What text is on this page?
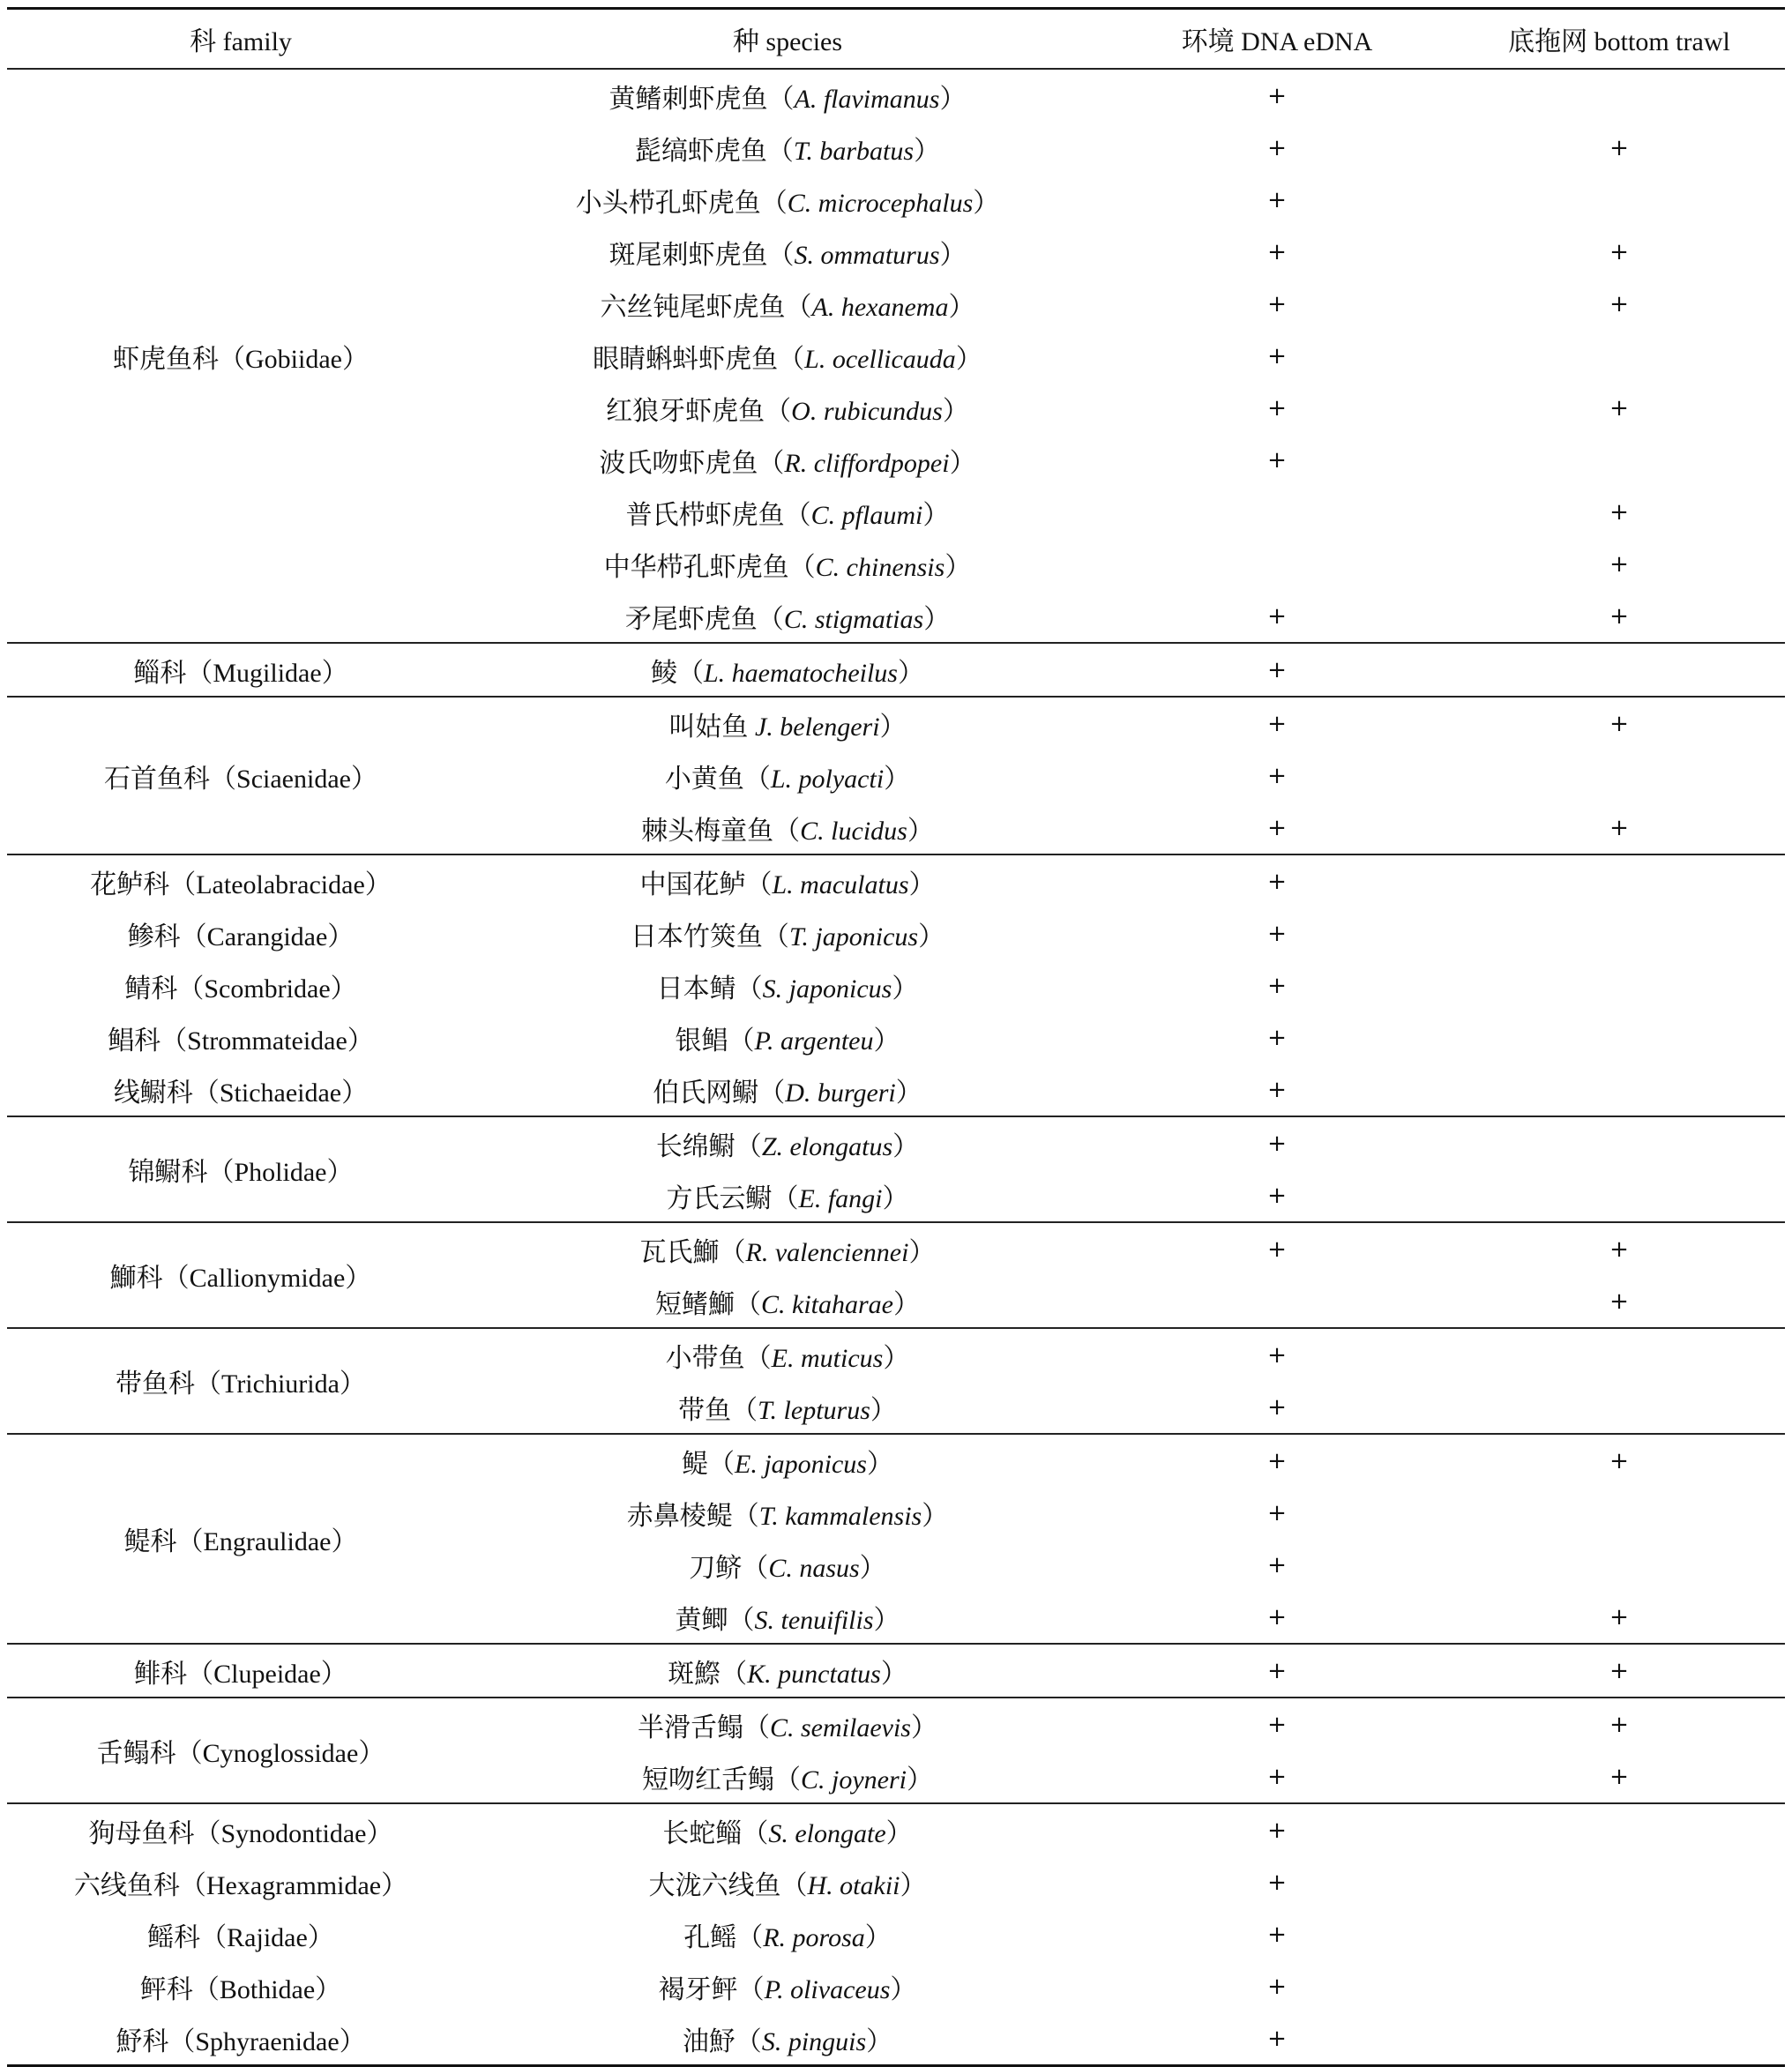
科 family	种 species	环境 DNA eDNA	底拖网 bottom trawl
虾虎鱼科（Gobiidae）	黄鳍刺虾虎鱼（A. flavimanus）	+	
	髭缟虾虎鱼（T. barbatus）	+	+
	小头栉孔虾虎鱼（C. microcephalus）	+	
	斑尾刺虾虎鱼（S. ommaturus）	+	+
	六丝钝尾虾虎鱼（A. hexanema）	+	+
	眼睛蝌蚪虾虎鱼（L. ocellicauda）	+	
	红狼牙虾虎鱼（O. rubicundus）	+	+
	波氏吻虾虎鱼（R. cliffordpopei）	+	
	普氏栉虾虎鱼（C. pflaumi）		+
	中华栉孔虾虎鱼（C. chinensis）		+
	矛尾虾虎鱼（C. stigmatias）	+	+
鲻科（Mugilidae）	鲮（L. haematocheilus）	+	
石首鱼科（Sciaenidae）	叫姑鱼 J. belengeri）	+	+
	小黄鱼（L. polyacti）	+	
	棘头梅童鱼（C. lucidus）	+	+
花鲈科（Lateolabracidae）	中国花鲈（L. maculatus）	+	
鲹科（Carangidae）	日本竹筴鱼（T. japonicus）	+	
鲭科（Scombridae）	日本鲭（S. japonicus）	+	
鲳科（Strommateidae）	银鲳（P. argenteu）	+	
线鳚科（Stichaeidae）	伯氏网鳚（D. burgeri）	+	
锦鳚科（Pholidae）	长绵鳚（Z. elongatus）	+	
	方氏云鳚（E. fangi）	+	
鰤科（Callionymidae）	瓦氏鰤（R. valenciennei）	+	+
	短鳍鰤（C. kitaharae）		+
带鱼科（Trichiurida）	小带鱼（E. muticus）	+	
	带鱼（T. lepturus）	+	
鳀科（Engraulidae）	鳀（E. japonicus）	+	+
	赤鼻棱鳀（T. kammalensis）	+	
	刀鲚（C. nasus）	+	
	黄鲫（S. tenuifilis）	+	+
鲱科（Clupeidae）	斑鰶（K. punctatus）	+	+
舌鳎科（Cynoglossidae）	半滑舌鳎（C. semilaevis）	+	+
	短吻红舌鳎（C. joyneri）	+	+
狗母鱼科（Synodontidae）	长蛇鲻（S. elongate）	+	
六线鱼科（Hexagrammidae）	大泷六线鱼（H. otakii）	+	
鳐科（Rajidae）	孔鳐（R. porosa）	+	
鲆科（Bothidae）	褐牙鲆（P. olivaceus）	+	
魣科（Sphyraenidae）	油魣（S. pinguis）	+	
